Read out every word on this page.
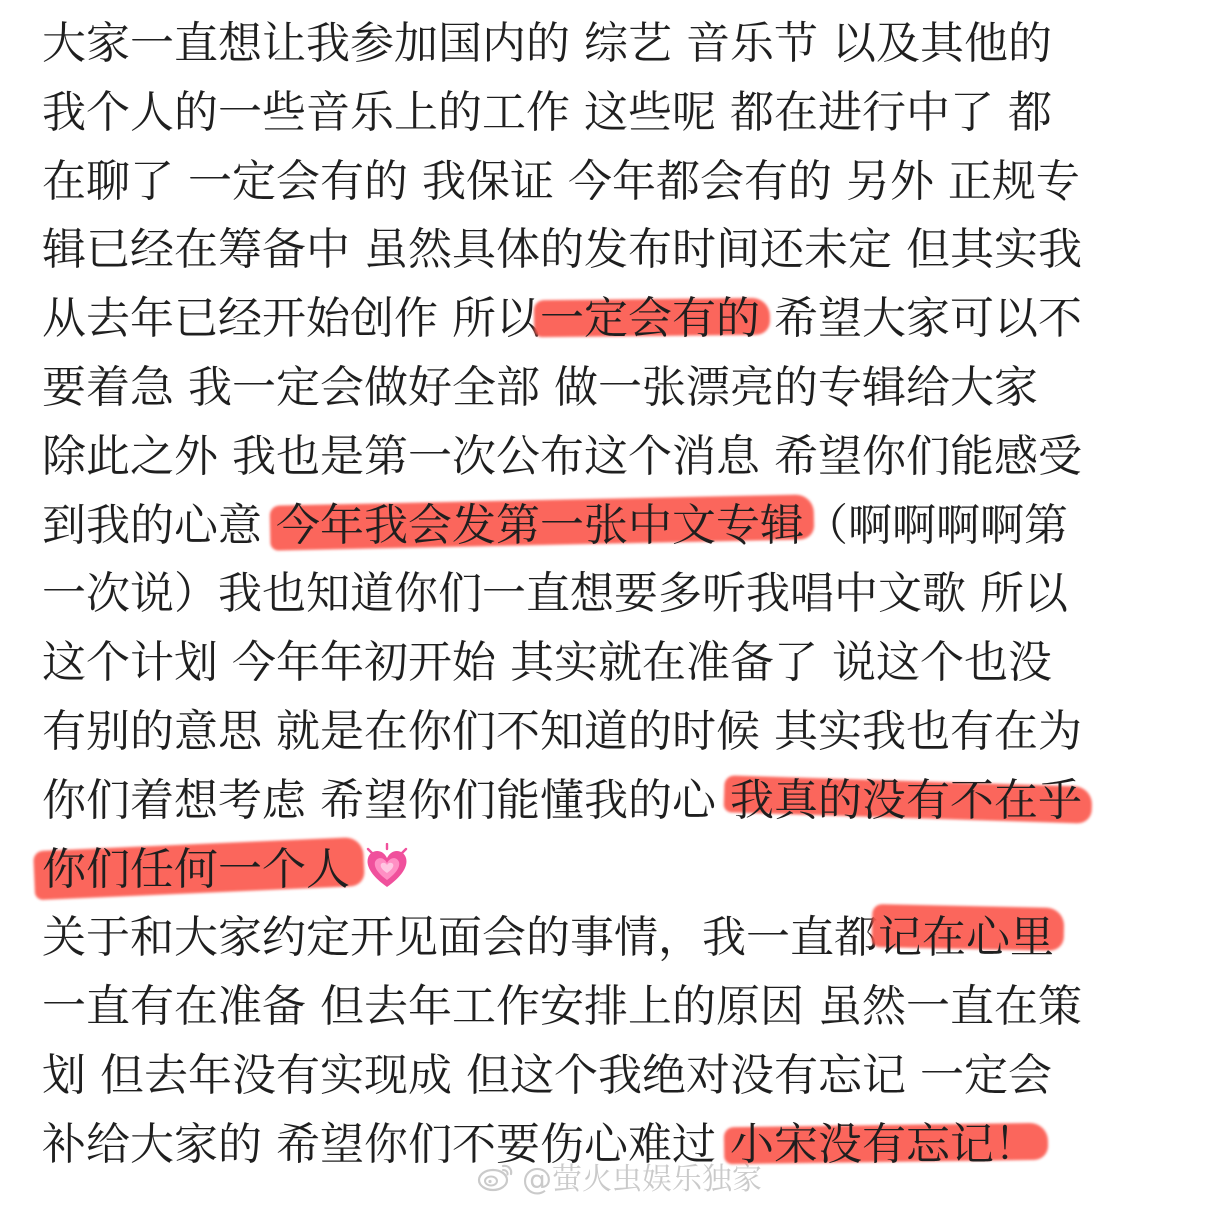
大家一直想让我参加国内的 综艺 音乐节 以及其他的
我个人的一些音乐上的工作 这些呢 都在进行中了 都
在聊了 一定会有的 我保证 今年都会有的 另外 正规专
辑已经在筹备中 虽然具体的发布时间还未定 但其实我
从去年已经开始创作 所以一定会有的 希望大家可以不
要着急 我一定会做好全部 做一张漂亮的专辑给大家
除此之外 我也是第一次公布这个消息 希望你们能感受
到我的心意 今年我会发第一张中文专辑（啊啊啊啊第
一次说）我也知道你们一直想要多听我唱中文歌 所以
这个计划 今年年初开始 其实就在准备了 说这个也没
有别的意思 就是在你们不知道的时候 其实我也有在为
你们着想考虑 希望你们能懂我的心 我真的没有不在乎
你们任何一个人
关于和大家约定开见面会的事情，我一直都记在心里
一直有在准备 但去年工作安排上的原因 虽然一直在策
划 但去年没有实现成 但这个我绝对没有忘记 一定会
补给大家的 希望你们不要伤心难过 小宋没有忘记！
@萤火虫娱乐独家
